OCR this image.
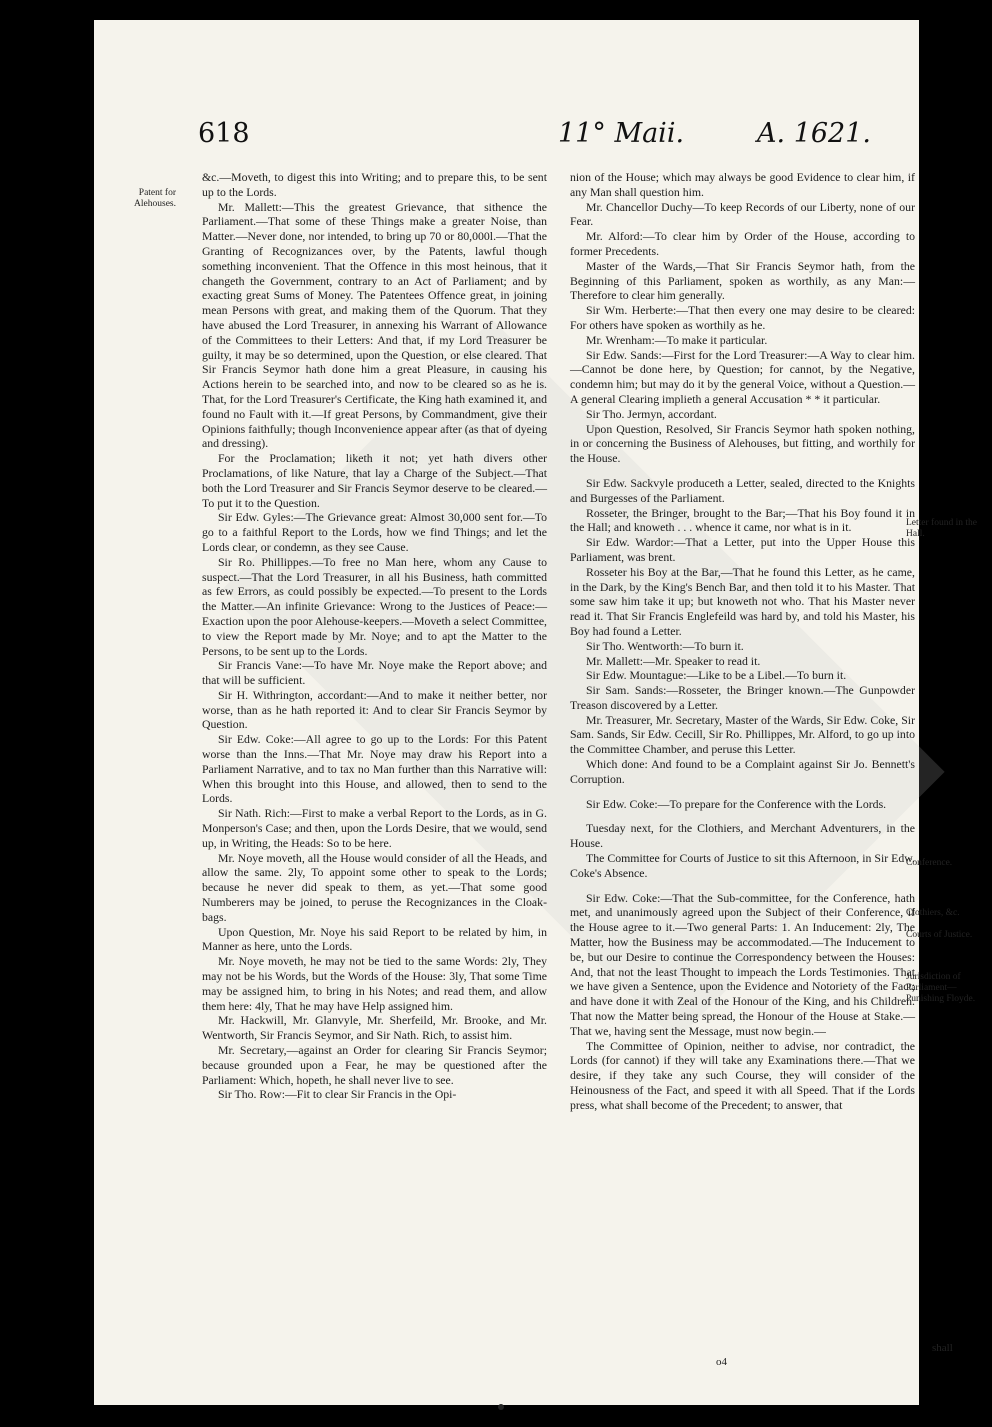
618	11° Maii.	A. 1621.
Patent for Alehouses.
Letter found in the Hall.
Conference.
Clothiers, &c.
Courts of Justice.
Jurisdiction of Parliament— Punishing Floyde.

&c.—Moveth, to digest this into Writing; and to prepare this, to be sent up to the Lords.

Mr. Mallett:—This the greatest Grievance, that sithence the Parliament.—That some of these Things make a greater Noise, than Matter.—Never done, nor intended, to bring up 70 or 80,000l.—That the Granting of Recognizances over, by the Patents, lawful though something inconvenient. That the Offence in this most heinous, that it changeth the Government, contrary to an Act of Parliament; and by exacting great Sums of Money. The Patentees Offence great, in joining mean Persons with great, and making them of the Quorum. That they have abused the Lord Treasurer, in annexing his Warrant of Allowance of the Committees to their Letters: And that, if my Lord Treasurer be guilty, it may be so determined, upon the Question, or else cleared. That Sir Francis Seymor hath done him a great Pleasure, in causing his Actions herein to be searched into, and now to be cleared so as he is. That, for the Lord Treasurer's Certificate, the King hath examined it, and found no Fault with it.—If great Persons, by Commandment, give their Opinions faithfully; though Inconvenience appear after (as that of dyeing and dressing).

For the Proclamation; liketh it not; yet hath divers other Proclamations, of like Nature, that lay a Charge of the Subject.—That both the Lord Treasurer and Sir Francis Seymor deserve to be cleared.—To put it to the Question.

Sir Edw. Gyles:—The Grievance great: Almost 30,000 sent for.—To go to a faithful Report to the Lords, how we find Things; and let the Lords clear, or condemn, as they see Cause.

Sir Ro. Phillippes.—To free no Man here, whom any Cause to suspect.—That the Lord Treasurer, in all his Business, hath committed as few Errors, as could possibly be expected.—To present to the Lords the Matter.—An infinite Grievance: Wrong to the Justices of Peace:—Exaction upon the poor Alehouse-keepers.—Moveth a select Committee, to view the Report made by Mr. Noye; and to apt the Matter to the Persons, to be sent up to the Lords.

Sir Francis Vane:—To have Mr. Noye make the Report above; and that will be sufficient.

Sir H. Withrington, accordant:—And to make it neither better, nor worse, than as he hath reported it: And to clear Sir Francis Seymor by Question.

Sir Edw. Coke:—All agree to go up to the Lords: For this Patent worse than the Inns.—That Mr. Noye may draw his Report into a Parliament Narrative, and to tax no Man further than this Narrative will: When this brought into this House, and allowed, then to send to the Lords.

Sir Nath. Rich:—First to make a verbal Report to the Lords, as in G. Monperson's Case; and then, upon the Lords Desire, that we would, send up, in Writing, the Heads: So to be here.

Mr. Noye moveth, all the House would consider of all the Heads, and allow the same. 2ly, To appoint some other to speak to the Lords; because he never did speak to them, as yet.—That some good Numberers may be joined, to peruse the Recognizances in the Cloak-bags.

Upon Question, Mr. Noye his said Report to be related by him, in Manner as here, unto the Lords.

Mr. Noye moveth, he may not be tied to the same Words: 2ly, They may not be his Words, but the Words of the House: 3ly, That some Time may be assigned him, to bring in his Notes; and read them, and allow them here: 4ly, That he may have Help assigned him.

Mr. Hackwill, Mr. Glanvyle, Mr. Sherfeild, Mr. Brooke, and Mr. Wentworth, Sir Francis Seymor, and Sir Nath. Rich, to assist him.

Mr. Secretary,—against an Order for clearing Sir Francis Seymor; because grounded upon a Fear, he may be questioned after the Parliament: Which, hopeth, he shall never live to see.

Sir Tho. Row:—Fit to clear Sir Francis in the Opi-

nion of the House; which may always be good Evidence to clear him, if any Man shall question him.

Mr. Chancellor Duchy—To keep Records of our Liberty, none of our Fear.

Mr. Alford:—To clear him by Order of the House, according to former Precedents.

Master of the Wards,—That Sir Francis Seymor hath, from the Beginning of this Parliament, spoken as worthily, as any Man:—Therefore to clear him generally.

Sir Wm. Herberte:—That then every one may desire to be cleared: For others have spoken as worthily as he.

Mr. Wrenham:—To make it particular.

Sir Edw. Sands:—First for the Lord Treasurer:—A Way to clear him.—Cannot be done here, by Question; for cannot, by the Negative, condemn him; but may do it by the general Voice, without a Question.—A general Clearing implieth a general Accusation * * it particular.

Sir Tho. Jermyn, accordant.

Upon Question, Resolved, Sir Francis Seymor hath spoken nothing, in or concerning the Business of Alehouses, but fitting, and worthily for the House.

Sir Edw. Sackvyle produceth a Letter, sealed, directed to the Knights and Burgesses of the Parliament.

Rosseter, the Bringer, brought to the Bar;—That his Boy found it in the Hall; and knoweth . . . whence it came, nor what is in it.

Sir Edw. Wardor:—That a Letter, put into the Upper House this Parliament, was brent.

Rosseter his Boy at the Bar,—That he found this Letter, as he came, in the Dark, by the King's Bench Bar, and then told it to his Master. That some saw him take it up; but knoweth not who. That his Master never read it. That Sir Francis Englefeild was hard by, and told his Master, his Boy had found a Letter.

Sir Tho. Wentworth:—To burn it.

Mr. Mallett:—Mr. Speaker to read it.

Sir Edw. Mountague:—Like to be a Libel.—To burn it.

Sir Sam. Sands:—Rosseter, the Bringer known.—The Gunpowder Treason discovered by a Letter.

Mr. Treasurer, Mr. Secretary, Master of the Wards, Sir Edw. Coke, Sir Sam. Sands, Sir Edw. Cecill, Sir Ro. Phillippes, Mr. Alford, to go up into the Committee Chamber, and peruse this Letter.

Which done: And found to be a Complaint against Sir Jo. Bennett's Corruption.

Sir Edw. Coke:—To prepare for the Conference with the Lords.

Tuesday next, for the Clothiers, and Merchant Adventurers, in the House.

The Committee for Courts of Justice to sit this Afternoon, in Sir Edw. Coke's Absence.

Sir Edw. Coke:—That the Sub-committee, for the Conference, hath met, and unanimously agreed upon the Subject of their Conference, if the House agree to it.—Two general Parts: 1. An Inducement: 2ly, The Matter, how the Business may be accommodated.—The Inducement to be, but our Desire to continue the Correspondency between the Houses: And, that not the least Thought to impeach the Lords Testimonies. That we have given a Sentence, upon the Evidence and Notoriety of the Fact; and have done it with Zeal of the Honour of the King, and his Children. That now the Matter being spread, the Honour of the House at Stake.—That we, having sent the Message, must now begin.—

The Committee of Opinion, neither to advise, nor contradict, the Lords (for cannot) if they will take any Examinations there.—That we desire, if they take any such Course, they will consider of the Heinousness of the Fact, and speed it with all Speed. That if the Lords press, what shall become of the Precedent; to answer, that

o4
shall
